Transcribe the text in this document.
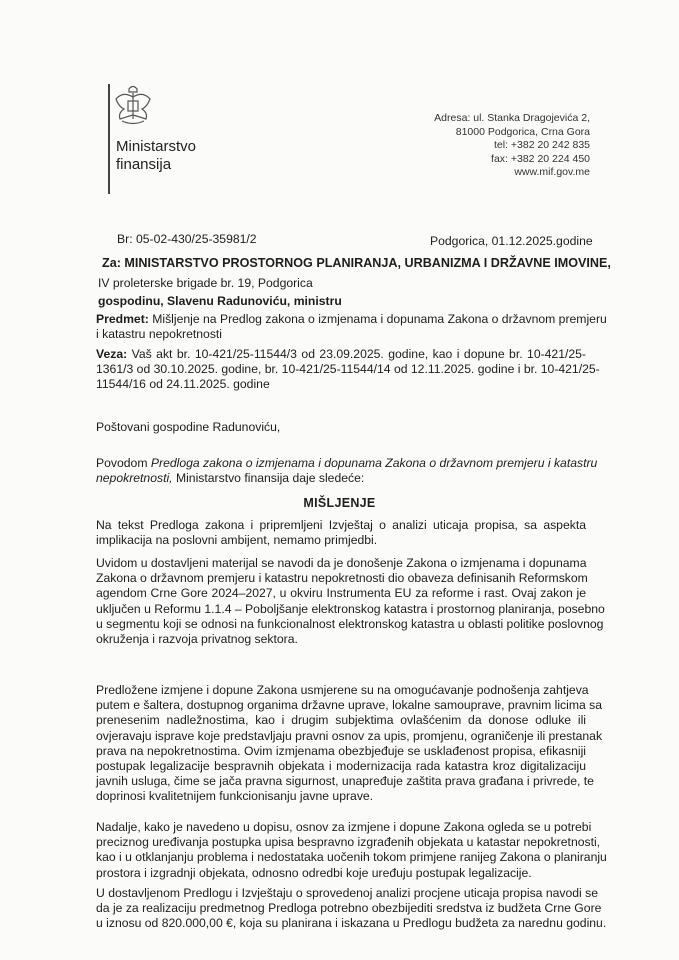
Ministarstvo
finansija
Adresa: ul. Stanka Dragojevića 2,
81000 Podgorica, Crna Gora
tel: +382 20 242 835
fax: +382 20 224 450
www.mif.gov.me
Br: 05-02-430/25-35981/2	Podgorica, 01.12.2025.godine
Za: MINISTARSTVO PROSTORNOG PLANIRANJA, URBANIZMA I DRŽAVNE IMOVINE,
IV proleterske brigade br. 19, Podgorica
gospodinu, Slavenu Radunoviću, ministru
Predmet: Mišljenje na Predlog zakona o izmjenama i dopunama Zakona o državnom premjeru
i katastru nepokretnosti
Veza: Vaš akt br. 10-421/25-11544/3 od 23.09.2025. godine, kao i dopune br. 10-421/25-
1361/3 od 30.10.2025. godine, br. 10-421/25-11544/14 od 12.11.2025. godine i br. 10-421/25-
11544/16 od 24.11.2025. godine
Poštovani gospodine Radunoviću,
Povodom Predloga zakona o izmjenama i dopunama Zakona o državnom premjeru i katastru
nepokretnosti, Ministarstvo finansija daje sledeće:
MIŠLJENJE
Na tekst Predloga zakona i pripremljeni Izvještaj o analizi uticaja propisa, sa aspekta
implikacija na poslovni ambijent, nemamo primjedbi.
Uvidom u dostavljeni materijal se navodi da je donošenje Zakona o izmjenama i dopunama
Zakona o državnom premjeru i katastru nepokretnosti dio obaveza definisanih Reformskom
agendom Crne Gore 2024–2027, u okviru Instrumenta EU za reforme i rast. Ovaj zakon je
uključen u Reformu 1.1.4 – Poboljšanje elektronskog katastra i prostornog planiranja, posebno
u segmentu koji se odnosi na funkcionalnost elektronskog katastra u oblasti politike poslovnog
okruženja i razvoja privatnog sektora.
Predložene izmjene i dopune Zakona usmjerene su na omogućavanje podnošenja zahtjeva
putem e šaltera, dostupnog organima državne uprave, lokalne samouprave, pravnim licima sa
prenesenim nadležnostima, kao i drugim subjektima ovlašćenim da donose odluke ili
ovjeravaju isprave koje predstavljaju pravni osnov za upis, promjenu, ograničenje ili prestanak
prava na nepokretnostima. Ovim izmjenama obezbjeđuje se usklađenost propisa, efikasniji
postupak legalizacije bespravnih objekata i modernizacija rada katastra kroz digitalizaciju
javnih usluga, čime se jača pravna sigurnost, unapređuje zaštita prava građana i privrede, te
doprinosi kvalitetnijem funkcionisanju javne uprave.
Nadalje, kako je navedeno u dopisu, osnov za izmjene i dopune Zakona ogleda se u potrebi
preciznog uređivanja postupka upisa bespravno izgrađenih objekata u katastar nepokretnosti,
kao i u otklanjanju problema i nedostataka uočenih tokom primjene ranijeg Zakona o planiranju
prostora i izgradnji objekata, odnosno odredbi koje uređuju postupak legalizacije.
U dostavljenom Predlogu i Izvještaju o sprovedenoj analizi procjene uticaja propisa navodi se
da je za realizaciju predmetnog Predloga potrebno obezbijediti sredstva iz budžeta Crne Gore
u iznosu od 820.000,00 €, koja su planirana i iskazana u Predlogu budžeta za narednu godinu.
